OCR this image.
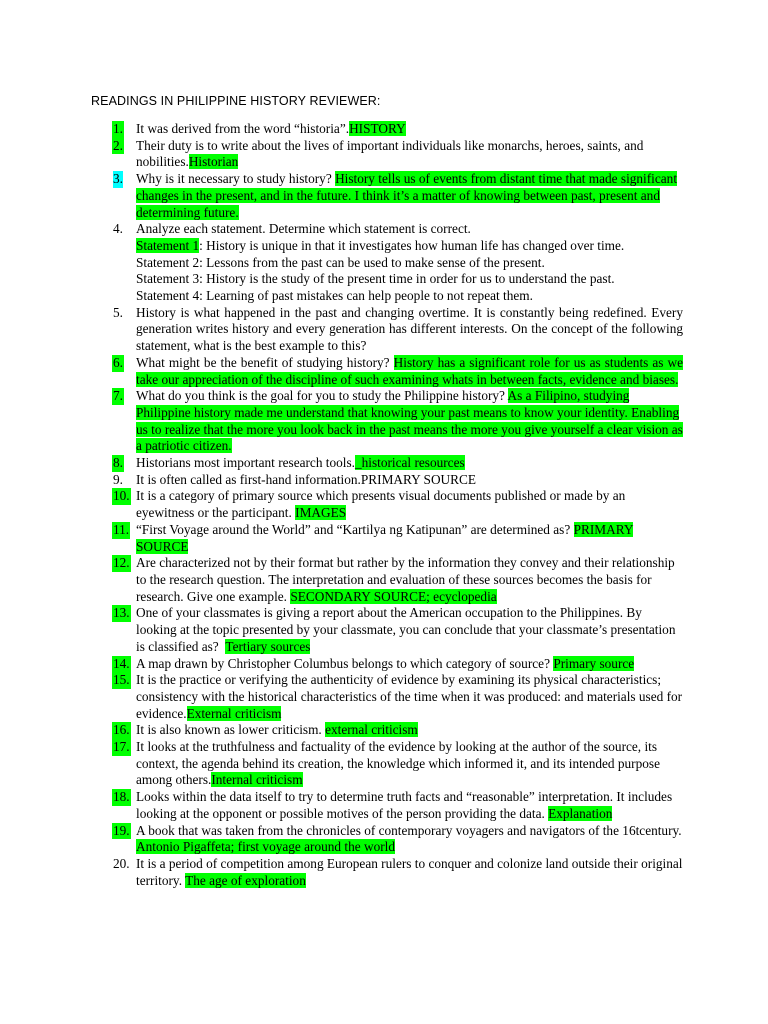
READINGS IN PHILIPPINE HISTORY REVIEWER:
1. It was derived from the word “historia”.HISTORY
2. Their duty is to write about the lives of important individuals like monarchs, heroes, saints, and nobilities.Historian
3. Why is it necessary to study history? History tells us of events from distant time that made significant changes in the present, and in the future. I think it’s a matter of knowing between past, present and determining future.
4. Analyze each statement. Determine which statement is correct.
Statement 1: History is unique in that it investigates how human life has changed over time.
Statement 2: Lessons from the past can be used to make sense of the present.
Statement 3: History is the study of the present time in order for us to understand the past.
Statement 4: Learning of past mistakes can help people to not repeat them.
5. History is what happened in the past and changing overtime. It is constantly being redefined. Every generation writes history and every generation has different interests. On the concept of the following statement, what is the best example to this?
6. What might be the benefit of studying history? History has a significant role for us as students as we take our appreciation of the discipline of such examining whats in between facts, evidence and biases.
7. What do you think is the goal for you to study the Philippine history? As a Filipino, studying Philippine history made me understand that knowing your past means to know your identity. Enabling us to realize that the more you look back in the past means the more you give yourself a clear vision as a patriotic citizen.
8. Historians most important research tools._historical resources
9. It is often called as first-hand information.PRIMARY SOURCE
10. It is a category of primary source which presents visual documents published or made by an eyewitness or the participant. IMAGES
11. “First Voyage around the World” and “Kartilya ng Katipunan” are determined as? PRIMARY SOURCE
12. Are characterized not by their format but rather by the information they convey and their relationship to the research question. The interpretation and evaluation of these sources becomes the basis for research. Give one example. SECONDARY SOURCE; ecyclopedia
13. One of your classmates is giving a report about the American occupation to the Philippines. By looking at the topic presented by your classmate, you can conclude that your classmate’s presentation is classified as? Tertiary sources
14. A map drawn by Christopher Columbus belongs to which category of source? Primary source
15. It is the practice or verifying the authenticity of evidence by examining its physical characteristics; consistency with the historical characteristics of the time when it was produced: and materials used for evidence.External criticism
16. It is also known as lower criticism. external criticism
17. It looks at the truthfulness and factuality of the evidence by looking at the author of the source, its context, the agenda behind its creation, the knowledge which informed it, and its intended purpose among others.Internal criticism
18. Looks within the data itself to try to determine truth facts and “reasonable” interpretation. It includes looking at the opponent or possible motives of the person providing the data. Explanation
19. A book that was taken from the chronicles of contemporary voyagers and navigators of the 16tcentury. Antonio Pigaffeta; first voyage around the world
20. It is a period of competition among European rulers to conquer and colonize land outside their original territory. The age of exploration
